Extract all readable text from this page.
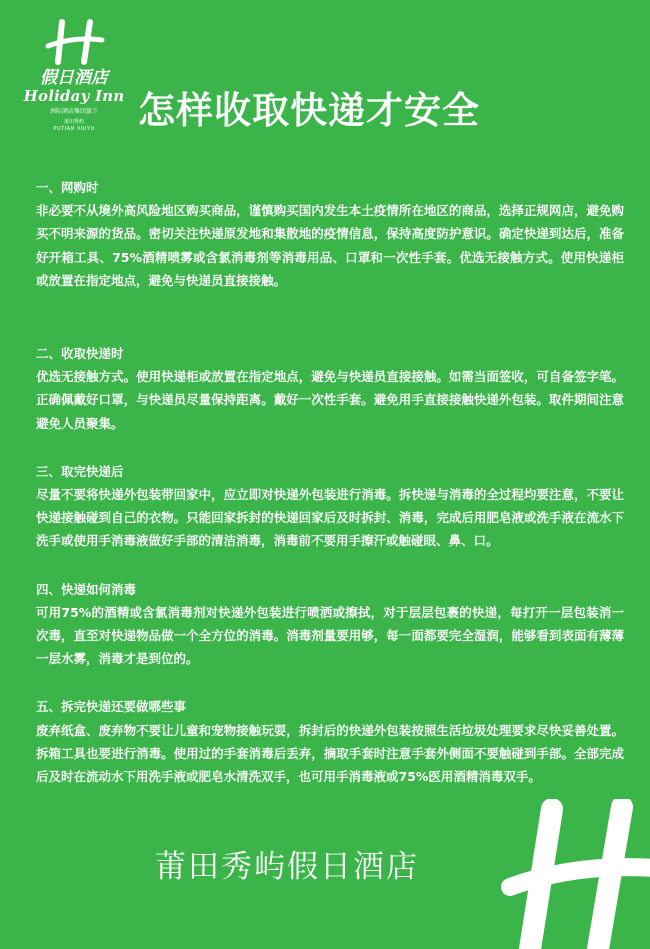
假日酒店
Holiday Inn
洲际酒店集团旗下
莆田秀屿
PUTIAN XIUYU	怎样收取快递才安全
一、网购时

非必要不从境外高风险地区购买商品，谨慎购买国内发生本土疫情所在地区的商品，选择正规网店，避免购买不明来源的货品。密切关注快递原发地和集散地的疫情信息，保持高度防护意识。确定快递到达后，准备好开箱工具、75%酒精喷雾或含氯消毒剂等消毒用品、口罩和一次性手套。优选无接触方式。使用快递柜或放置在指定地点，避免与快递员直接接触。

二、收取快递时

优选无接触方式。使用快递柜或放置在指定地点，避免与快递员直接接触。如需当面签收，可自备签字笔。正确佩戴好口罩，与快递员尽量保持距离。戴好一次性手套。避免用手直接接触快递外包装。取件期间注意避免人员聚集。

三、取完快递后

尽量不要将快递外包装带回家中，应立即对快递外包装进行消毒。拆快递与消毒的全过程均要注意，不要让快递接触碰到自己的衣物。只能回家拆封的快递回家后及时拆封、消毒，完成后用肥皂液或洗手液在流水下洗手或使用手消毒液做好手部的清洁消毒，消毒前不要用手擦汗或触碰眼、鼻、口。

四、快递如何消毒

可用75%的酒精或含氯消毒剂对快递外包装进行喷洒或擦拭，对于层层包裹的快递，每打开一层包装消一次毒，直至对快递物品做一个全方位的消毒。消毒剂量要用够，每一面都要完全湿润，能够看到表面有薄薄一层水雾，消毒才是到位的。

五、拆完快递还要做哪些事

废弃纸盒、废弃物不要让儿童和宠物接触玩耍，拆封后的快递外包装按照生活垃圾处理要求尽快妥善处置。拆箱工具也要进行消毒。使用过的手套消毒后丢弃，摘取手套时注意手套外侧面不要触碰到手部。全部完成后及时在流动水下用洗手液或肥皂水清洗双手，也可用手消毒液或75%医用酒精消毒双手。

莆田秀屿假日酒店
